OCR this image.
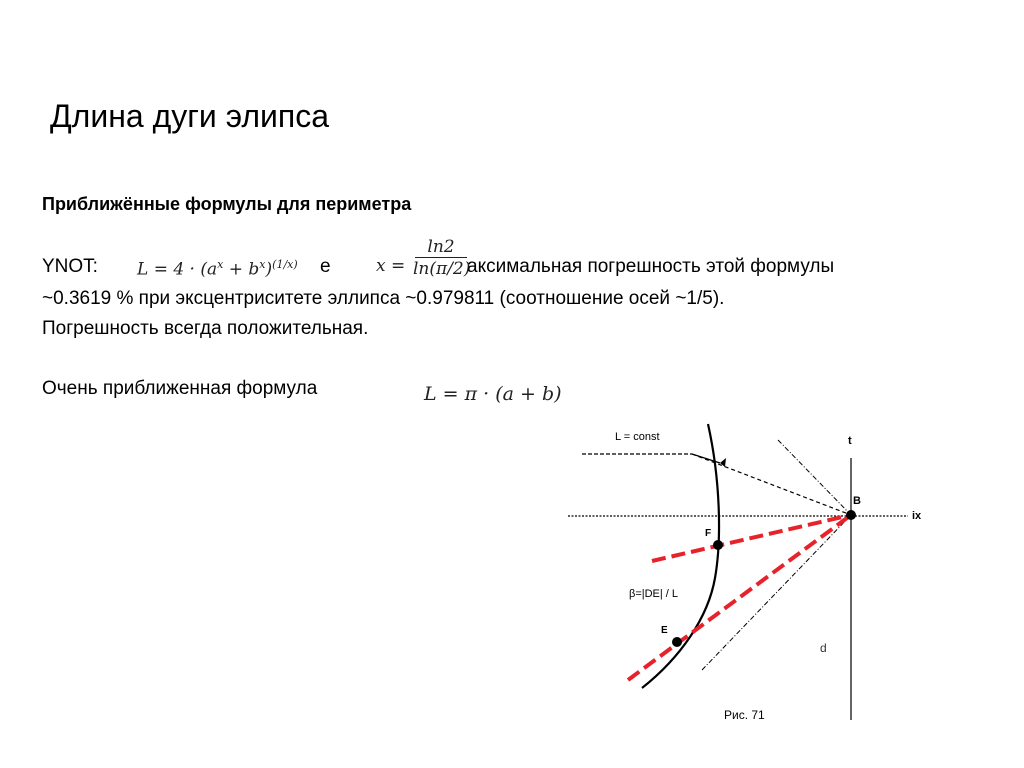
Длина дуги элипса
Приближённые формулы для периметра
YNOT: $L = 4 \cdot (a^x + b^x)^{(1/x)}$ е	x =
ln2
ln(π/2)
аксимальная погрешность этой формулы
~0.3619 % при эксцентриситете эллипса ~0.979811 (соотношение осей ~1/5).
Погрешность всегда положительная.
Очень приближенная формула	L = π · (a + b)
L = const	t
B
ix
F
β=|DE| / L
E
d
Рис. 71
